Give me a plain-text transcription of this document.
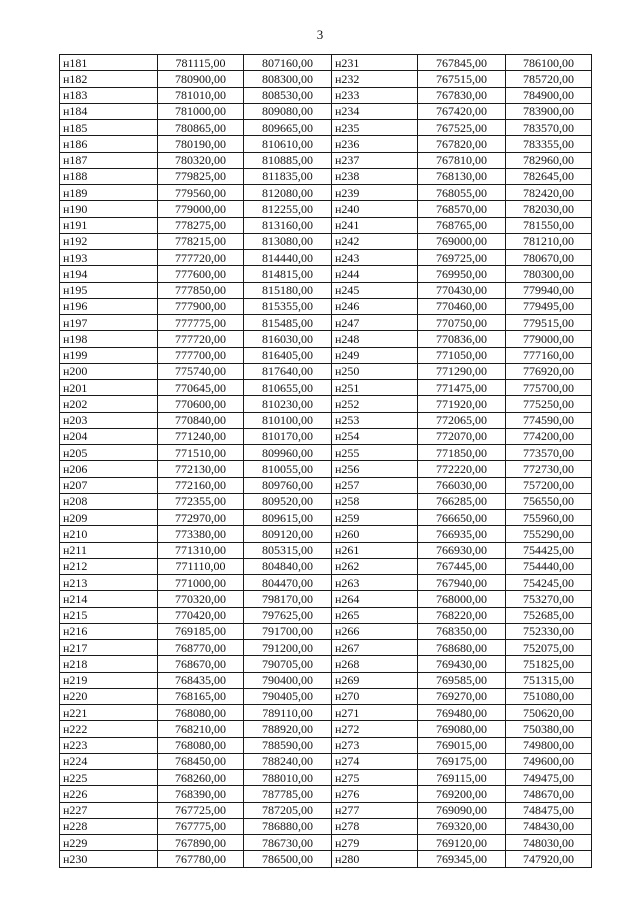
3
н181	781115,00	807160,00	н231	767845,00	786100,00
н182	780900,00	808300,00	н232	767515,00	785720,00
н183	781010,00	808530,00	н233	767830,00	784900,00
н184	781000,00	809080,00	н234	767420,00	783900,00
н185	780865,00	809665,00	н235	767525,00	783570,00
н186	780190,00	810610,00	н236	767820,00	783355,00
н187	780320,00	810885,00	н237	767810,00	782960,00
н188	779825,00	811835,00	н238	768130,00	782645,00
н189	779560,00	812080,00	н239	768055,00	782420,00
н190	779000,00	812255,00	н240	768570,00	782030,00
н191	778275,00	813160,00	н241	768765,00	781550,00
н192	778215,00	813080,00	н242	769000,00	781210,00
н193	777720,00	814440,00	н243	769725,00	780670,00
н194	777600,00	814815,00	н244	769950,00	780300,00
н195	777850,00	815180,00	н245	770430,00	779940,00
н196	777900,00	815355,00	н246	770460,00	779495,00
н197	777775,00	815485,00	н247	770750,00	779515,00
н198	777720,00	816030,00	н248	770836,00	779000,00
н199	777700,00	816405,00	н249	771050,00	777160,00
н200	775740,00	817640,00	н250	771290,00	776920,00
н201	770645,00	810655,00	н251	771475,00	775700,00
н202	770600,00	810230,00	н252	771920,00	775250,00
н203	770840,00	810100,00	н253	772065,00	774590,00
н204	771240,00	810170,00	н254	772070,00	774200,00
н205	771510,00	809960,00	н255	771850,00	773570,00
н206	772130,00	810055,00	н256	772220,00	772730,00
н207	772160,00	809760,00	н257	766030,00	757200,00
н208	772355,00	809520,00	н258	766285,00	756550,00
н209	772970,00	809615,00	н259	766650,00	755960,00
н210	773380,00	809120,00	н260	766935,00	755290,00
н211	771310,00	805315,00	н261	766930,00	754425,00
н212	771110,00	804840,00	н262	767445,00	754440,00
н213	771000,00	804470,00	н263	767940,00	754245,00
н214	770320,00	798170,00	н264	768000,00	753270,00
н215	770420,00	797625,00	н265	768220,00	752685,00
н216	769185,00	791700,00	н266	768350,00	752330,00
н217	768770,00	791200,00	н267	768680,00	752075,00
н218	768670,00	790705,00	н268	769430,00	751825,00
н219	768435,00	790400,00	н269	769585,00	751315,00
н220	768165,00	790405,00	н270	769270,00	751080,00
н221	768080,00	789110,00	н271	769480,00	750620,00
н222	768210,00	788920,00	н272	769080,00	750380,00
н223	768080,00	788590,00	н273	769015,00	749800,00
н224	768450,00	788240,00	н274	769175,00	749600,00
н225	768260,00	788010,00	н275	769115,00	749475,00
н226	768390,00	787785,00	н276	769200,00	748670,00
н227	767725,00	787205,00	н277	769090,00	748475,00
н228	767775,00	786880,00	н278	769320,00	748430,00
н229	767890,00	786730,00	н279	769120,00	748030,00
н230	767780,00	786500,00	н280	769345,00	747920,00
